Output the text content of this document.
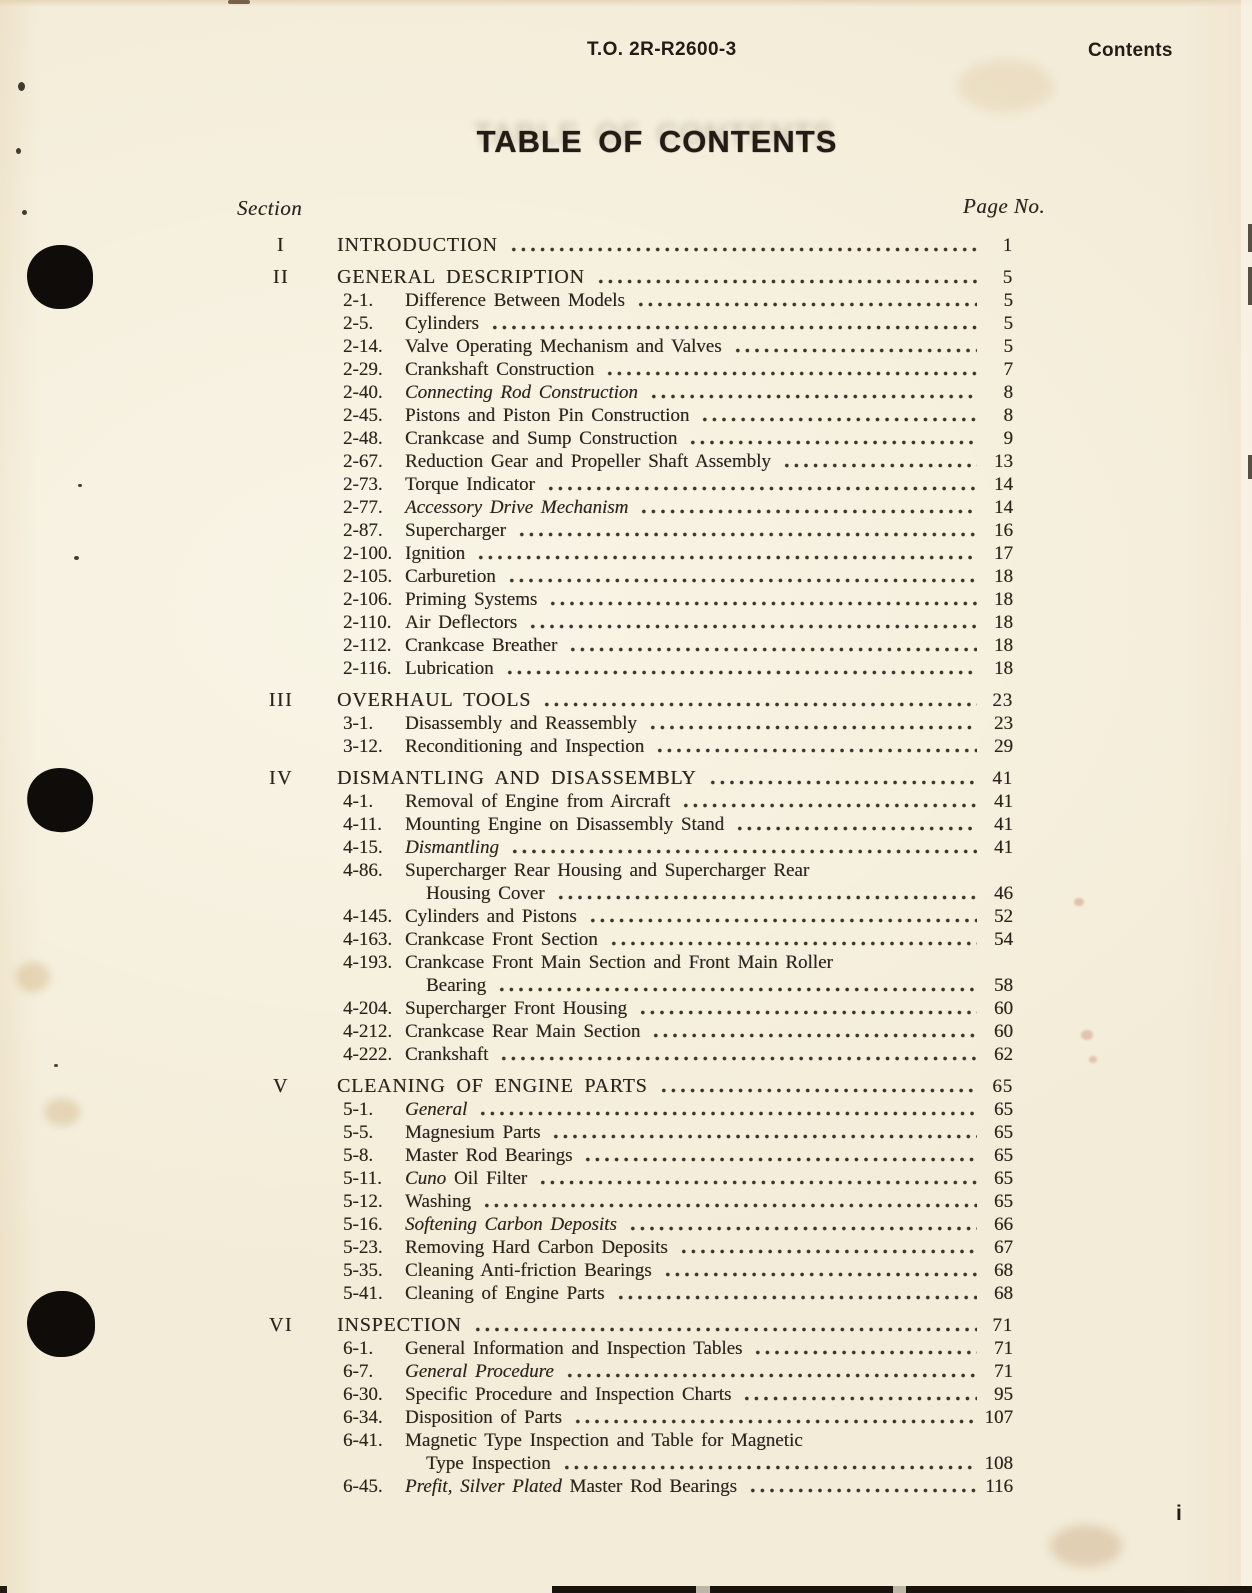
T.O. 2R-R2600-3	Contents
TABLE OF CONTENTS
Section	Page No.
I	INTRODUCTION	1
II	GENERAL DESCRIPTION	5
2-1.	Difference Between Models	5
2-5.	Cylinders	5
2-14.	Valve Operating Mechanism and Valves	5
2-29.	Crankshaft Construction	7
2-40.	Connecting Rod Construction	8
2-45.	Pistons and Piston Pin Construction	8
2-48.	Crankcase and Sump Construction	9
2-67.	Reduction Gear and Propeller Shaft Assembly	13
2-73.	Torque Indicator	14
2-77.	Accessory Drive Mechanism	14
2-87.	Supercharger	16
2-100. Ignition	17
2-105. Carburetion	18
2-106. Priming Systems	18
2-110. Air Deflectors	18
2-112. Crankcase Breather	18
2-116. Lubrication	18
III OVERHAUL TOOLS	23
3-1.	Disassembly and Reassembly	23
3-12.	Reconditioning and Inspection	29
IV DISMANTLING AND DISASSEMBLY	41
4-1.	Removal of Engine from Aircraft	41
4-11.	Mounting Engine on Disassembly Stand	41
4-15.	Dismantling	41
4-86.	Supercharger Rear Housing and Supercharger Rear
Housing Cover	46
4-145. Cylinders and Pistons	52
4-163. Crankcase Front Section	54
4-193. Crankcase Front Main Section and Front Main Roller
Bearing	58
4-204. Supercharger Front Housing	60
4-212. Crankcase Rear Main Section	60
4-222. Crankshaft	62
V	CLEANING OF ENGINE PARTS	65
5-1.	General	65
5-5.	Magnesium Parts	65
5-8.	Master Rod Bearings	65
5-11.	Cuno Oil Filter	65
5-12.	Washing	65
5-16.	Softening Carbon Deposits	66
5-23.	Removing Hard Carbon Deposits	67
5-35.	Cleaning Anti-friction Bearings	68
5-41.	Cleaning of Engine Parts	68
VI INSPECTION	71
6-1.	General Information and Inspection Tables	71
6-7.	General Procedure	71
6-30.	Specific Procedure and Inspection Charts	95
6-34.	Disposition of Parts	107
6-41.	Magnetic Type Inspection and Table for Magnetic
Type Inspection	108
6-45.	Prefit, Silver Plated Master Rod Bearings	116
i
